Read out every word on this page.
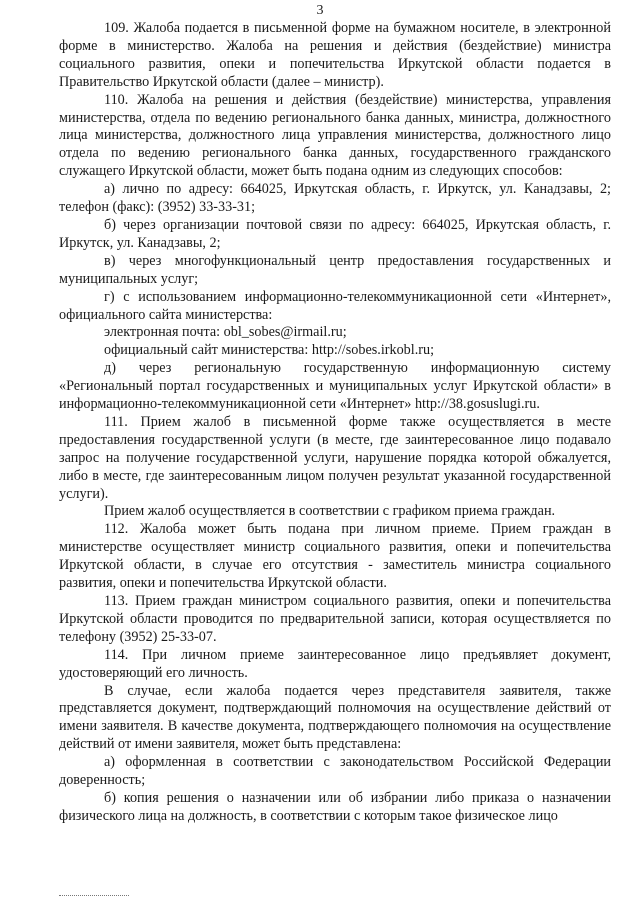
3

109. Жалоба подается в письменной форме на бумажном носителе, в электронной форме в министерство. Жалоба на решения и действия (бездействие) министра социального развития, опеки и попечительства Иркутской области подается в Правительство Иркутской области (далее – министр).

110. Жалоба на решения и действия (бездействие) министерства, управления министерства, отдела по ведению регионального банка данных, министра, должностного лица министерства, должностного лица управления министерства, должностного лицо отдела по ведению регионального банка данных, государственного гражданского служащего Иркутской области, может быть подана одним из следующих способов:

а) лично по адресу: 664025, Иркутская область, г. Иркутск, ул. Канадзавы, 2; телефон (факс): (3952) 33-33-31;

б) через организации почтовой связи по адресу: 664025, Иркутская область, г. Иркутск, ул. Канадзавы, 2;

в) через многофункциональный центр предоставления государственных и муниципальных услуг;

г) с использованием информационно-телекоммуникационной сети «Интернет», официального сайта министерства:

электронная почта: obl_sobes@irmail.ru;

официальный сайт министерства: http://sobes.irkobl.ru;

д) через региональную государственную информационную систему «Региональный портал государственных и муниципальных услуг Иркутской области» в информационно-телекоммуникационной сети «Интернет» http://38.gosuslugi.ru.

111. Прием жалоб в письменной форме также осуществляется в месте предоставления государственной услуги (в месте, где заинтересованное лицо подавало запрос на получение государственной услуги, нарушение порядка которой обжалуется, либо в месте, где заинтересованным лицом получен результат указанной государственной услуги).

Прием жалоб осуществляется в соответствии с графиком приема граждан.

112. Жалоба может быть подана при личном приеме. Прием граждан в министерстве осуществляет министр социального развития, опеки и попечительства Иркутской области, в случае его отсутствия - заместитель министра социального развития, опеки и попечительства Иркутской области.

113. Прием граждан министром социального развития, опеки и попечительства Иркутской области проводится по предварительной записи, которая осуществляется по телефону (3952) 25-33-07.

114. При личном приеме заинтересованное лицо предъявляет документ, удостоверяющий его личность.

В случае, если жалоба подается через представителя заявителя, также представляется документ, подтверждающий полномочия на осуществление действий от имени заявителя. В качестве документа, подтверждающего полномочия на осуществление действий от имени заявителя, может быть представлена:

а) оформленная в соответствии с законодательством Российской Федерации доверенность;

б) копия решения о назначении или об избрании либо приказа о назначении физического лица на должность, в соответствии с которым такое физическое лицо
